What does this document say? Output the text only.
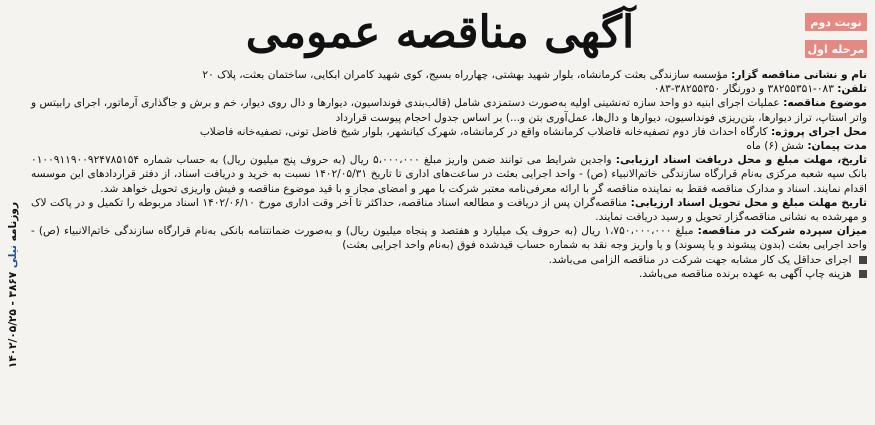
روزنامه نیلی ۳۸۶۷ - ۱۴۰۲/۰۵/۲۵
نوبت دوم
مرحله اول
آگهی مناقصه عمومی

نام و نشانی مناقصه گزار: مؤسسه سازندگی بعثت کرمانشاه، بلوار شهید بهشتی، چهارراه بسیج، کوی شهید کامران ابکایی، ساختمان بعثت، پلاک ۲۰

تلفن: ۰۸۳-۳۸۲۵۵۳۵۱ و دورنگار ۳۸۲۵۵۳۵۰-۰۸۳

موضوع مناقصه: عملیات اجرای ابنیه دو واحد سازه ته‌نشینی اولیه به‌صورت دستمزدی شامل (قالب‌بندی فونداسیون، دیوارها و دال روی دیوار، خم و برش و جاگذاری آرماتور، اجرای رابیتس و واتر استاپ، تراز دیوارها، بتن‌ریزی فونداسیون، دیوارها و دال‌ها، عمل‌آوری بتن و...) بر اساس جدول احجام پیوست قرارداد

محل اجرای پروژه: کارگاه احداث فاز دوم تصفیه‌خانه فاضلاب کرمانشاه واقع در کرمانشاه، شهرک کیانشهر، بلوار شیخ فاضل تونی، تصفیه‌خانه فاضلاب

مدت پیمان: شش (۶) ماه

تاریخ، مهلت مبلغ و محل دریافت اسناد ارزیابی: واجدین شرایط می توانند ضمن واریز مبلغ ۵،۰۰۰،۰۰۰ ریال (به حروف پنج میلیون ریال) به حساب شماره ۰۱۰۰۹۱۱۹۰۰۹۲۴۷۸۵۱۵۴ بانک سپه شعبه مرکزی به‌نام قرارگاه سازندگی خاتم‌الانبیاء (ص) - واحد اجرایی بعثت در ساعت‌های اداری تا تاریخ ۱۴۰۲/۰۵/۳۱ نسبت به خرید و دریافت اسناد، از دفتر قراردادهای این موسسه اقدام نمایند. اسناد و مدارک مناقصه فقط به نماینده مناقصه گر با ارائه معرفی‌نامه معتبر شرکت با مهر و امضای مجاز و با قید موضوع مناقصه و فیش واریزی تحویل خواهد شد.

تاریخ مهلت مبلغ و محل تحویل اسناد ارزیابی: مناقصه‌گران پس از دریافت و مطالعه اسناد مناقصه، حداکثر تا آخر وقت اداری مورخ ۱۴۰۲/۰۶/۱۰ اسناد مربوطه را تکمیل و در پاکت لاک و مهرشده به نشانی مناقصه‌گزار تحویل و رسید دریافت نمایند.

میزان سپرده شرکت در مناقصه: مبلغ ۱،۷۵۰،۰۰۰،۰۰۰ ریال (به حروف یک میلیارد و هفتصد و پنجاه میلیون ریال) و به‌صورت ضمانتنامه بانکی به‌نام قرارگاه سازندگی خاتم‌الانبیاء (ص) - واحد اجرایی بعثت (بدون پیشوند و یا پسوند) و یا واریز وجه نقد به شماره حساب قیدشده فوق (به‌نام واحد اجرایی بعثت)

اجرای حداقل یک کار مشابه جهت شرکت در مناقصه الزامی می‌باشد.

هزینه چاپ آگهی به عهده برنده مناقصه می‌باشد.
